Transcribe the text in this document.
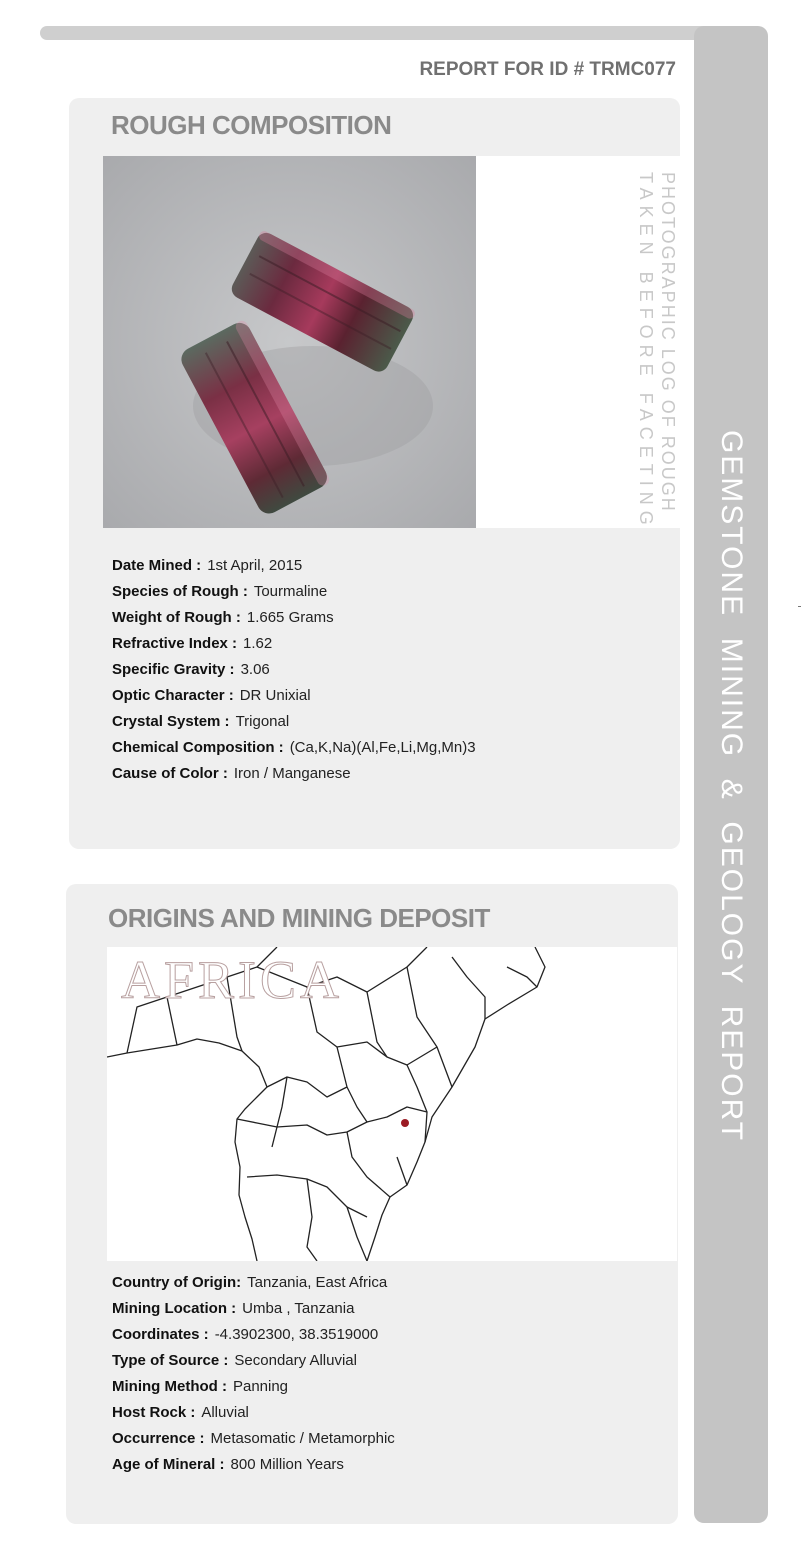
GEMSTONE  MINING  &  GEOLOGY  REPORT
REPORT FOR ID # TRMC077
ROUGH COMPOSITION
PHOTOGRAPHIC LOG OF ROUGH
TAKEN BEFORE FACETING
Date Mined : 1st April, 2015
Species of Rough : Tourmaline
Weight of Rough : 1.665 Grams
Refractive Index : 1.62
Specific Gravity : 3.06
Optic Character : DR Unixial
Crystal System : Trigonal
Chemical Composition : (Ca,K,Na)(Al,Fe,Li,Mg,Mn)3
Cause of Color : Iron / Manganese
ORIGINS AND MINING DEPOSIT
AFRICA
Country of Origin: Tanzania, East Africa
Mining Location : Umba , Tanzania
Coordinates : -4.3902300, 38.3519000
Type of Source : Secondary Alluvial
Mining Method : Panning
Host Rock : Alluvial
Occurrence : Metasomatic / Metamorphic
Age of Mineral : 800 Million Years
